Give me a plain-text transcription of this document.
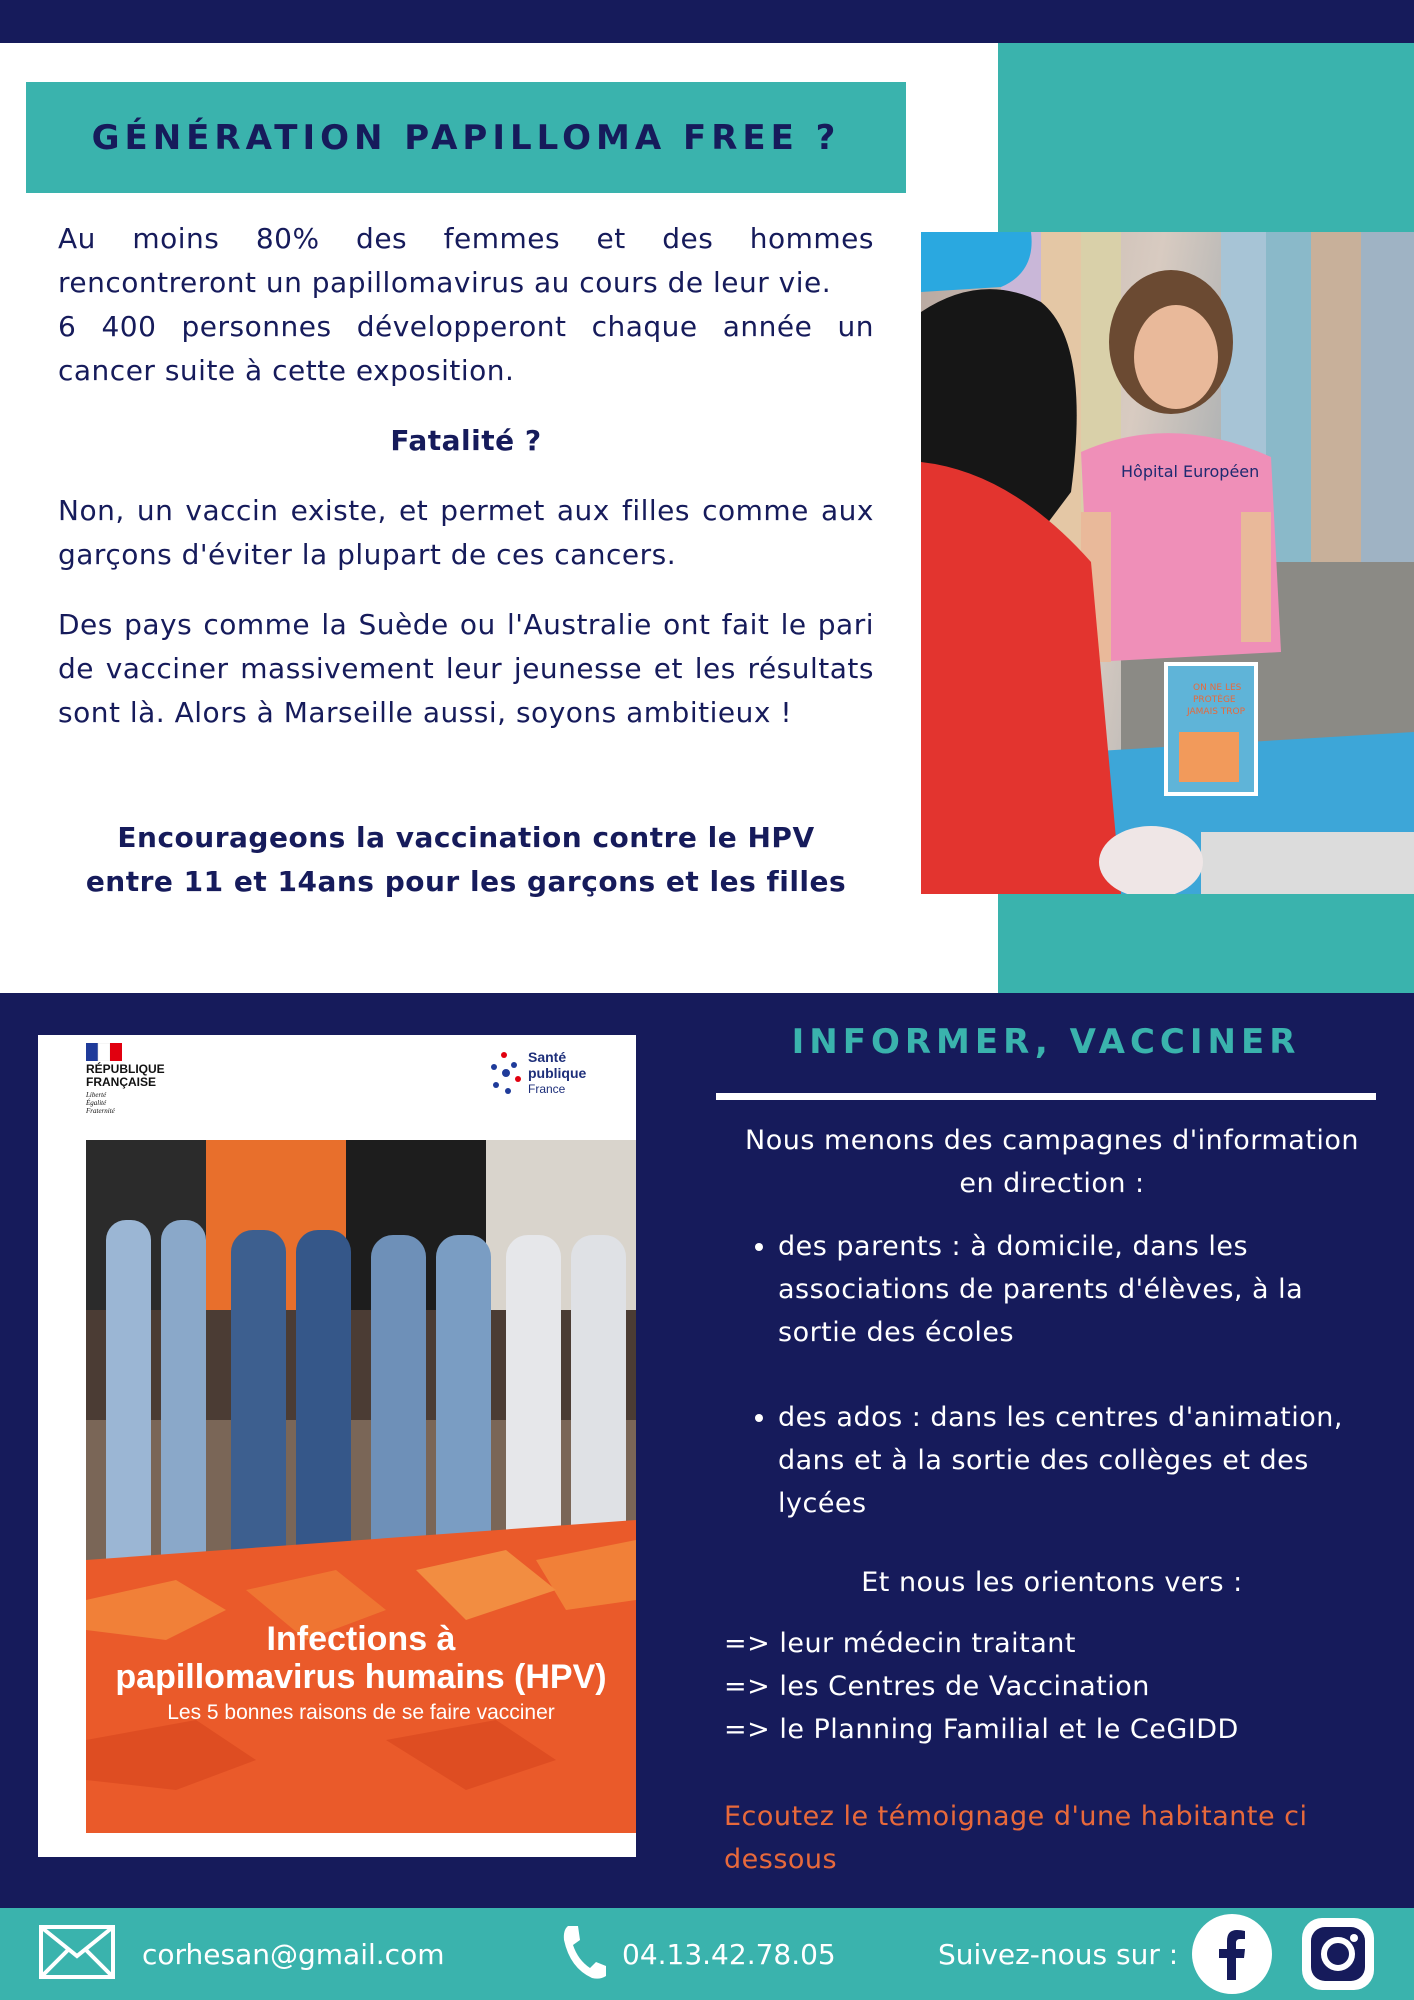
GÉNÉRATION PAPILLOMA FREE ?

Au moins 80% des femmes et des hommes rencontreront un papillomavirus au cours de leur vie.

6 400 personnes développeront chaque année un cancer suite à cette exposition.

Fatalité ?

Non, un vaccin existe, et permet aux filles comme aux garçons d'éviter la plupart de ces cancers.

Des pays comme la Suède ou l'Australie ont fait le pari de vacciner massivement leur jeunesse et les résultats sont là. Alors à Marseille aussi, soyons ambitieux !

Encourageons la vaccination contre le HPV
entre 11 et 14ans pour les garçons et les filles
Hôpital Européen
ON NE LES
PROTÈGE
JAMAIS TROP
RÉPUBLIQUE
FRANÇAISE
Liberté
Égalité
Fraternité
Santé
publique
France
Infections à
papillomavirus humains (HPV)
Les 5 bonnes raisons de se faire vacciner
INFORMER, VACCINER

Nous menons des campagnes d'information en direction :

• des parents : à domicile, dans les associations de parents d'élèves, à la sortie des écoles
• des ados : dans les centres d'animation, dans et à la sortie des collèges et des lycées

Et nous les orientons vers :

=> leur médecin traitant

=> les Centres de Vaccination

=> le Planning Familial et le CeGIDD

Ecoutez le témoignage d'une habitante ci dessous

corhesan@gmail.com	04.13.42.78.05	Suivez-nous sur :
